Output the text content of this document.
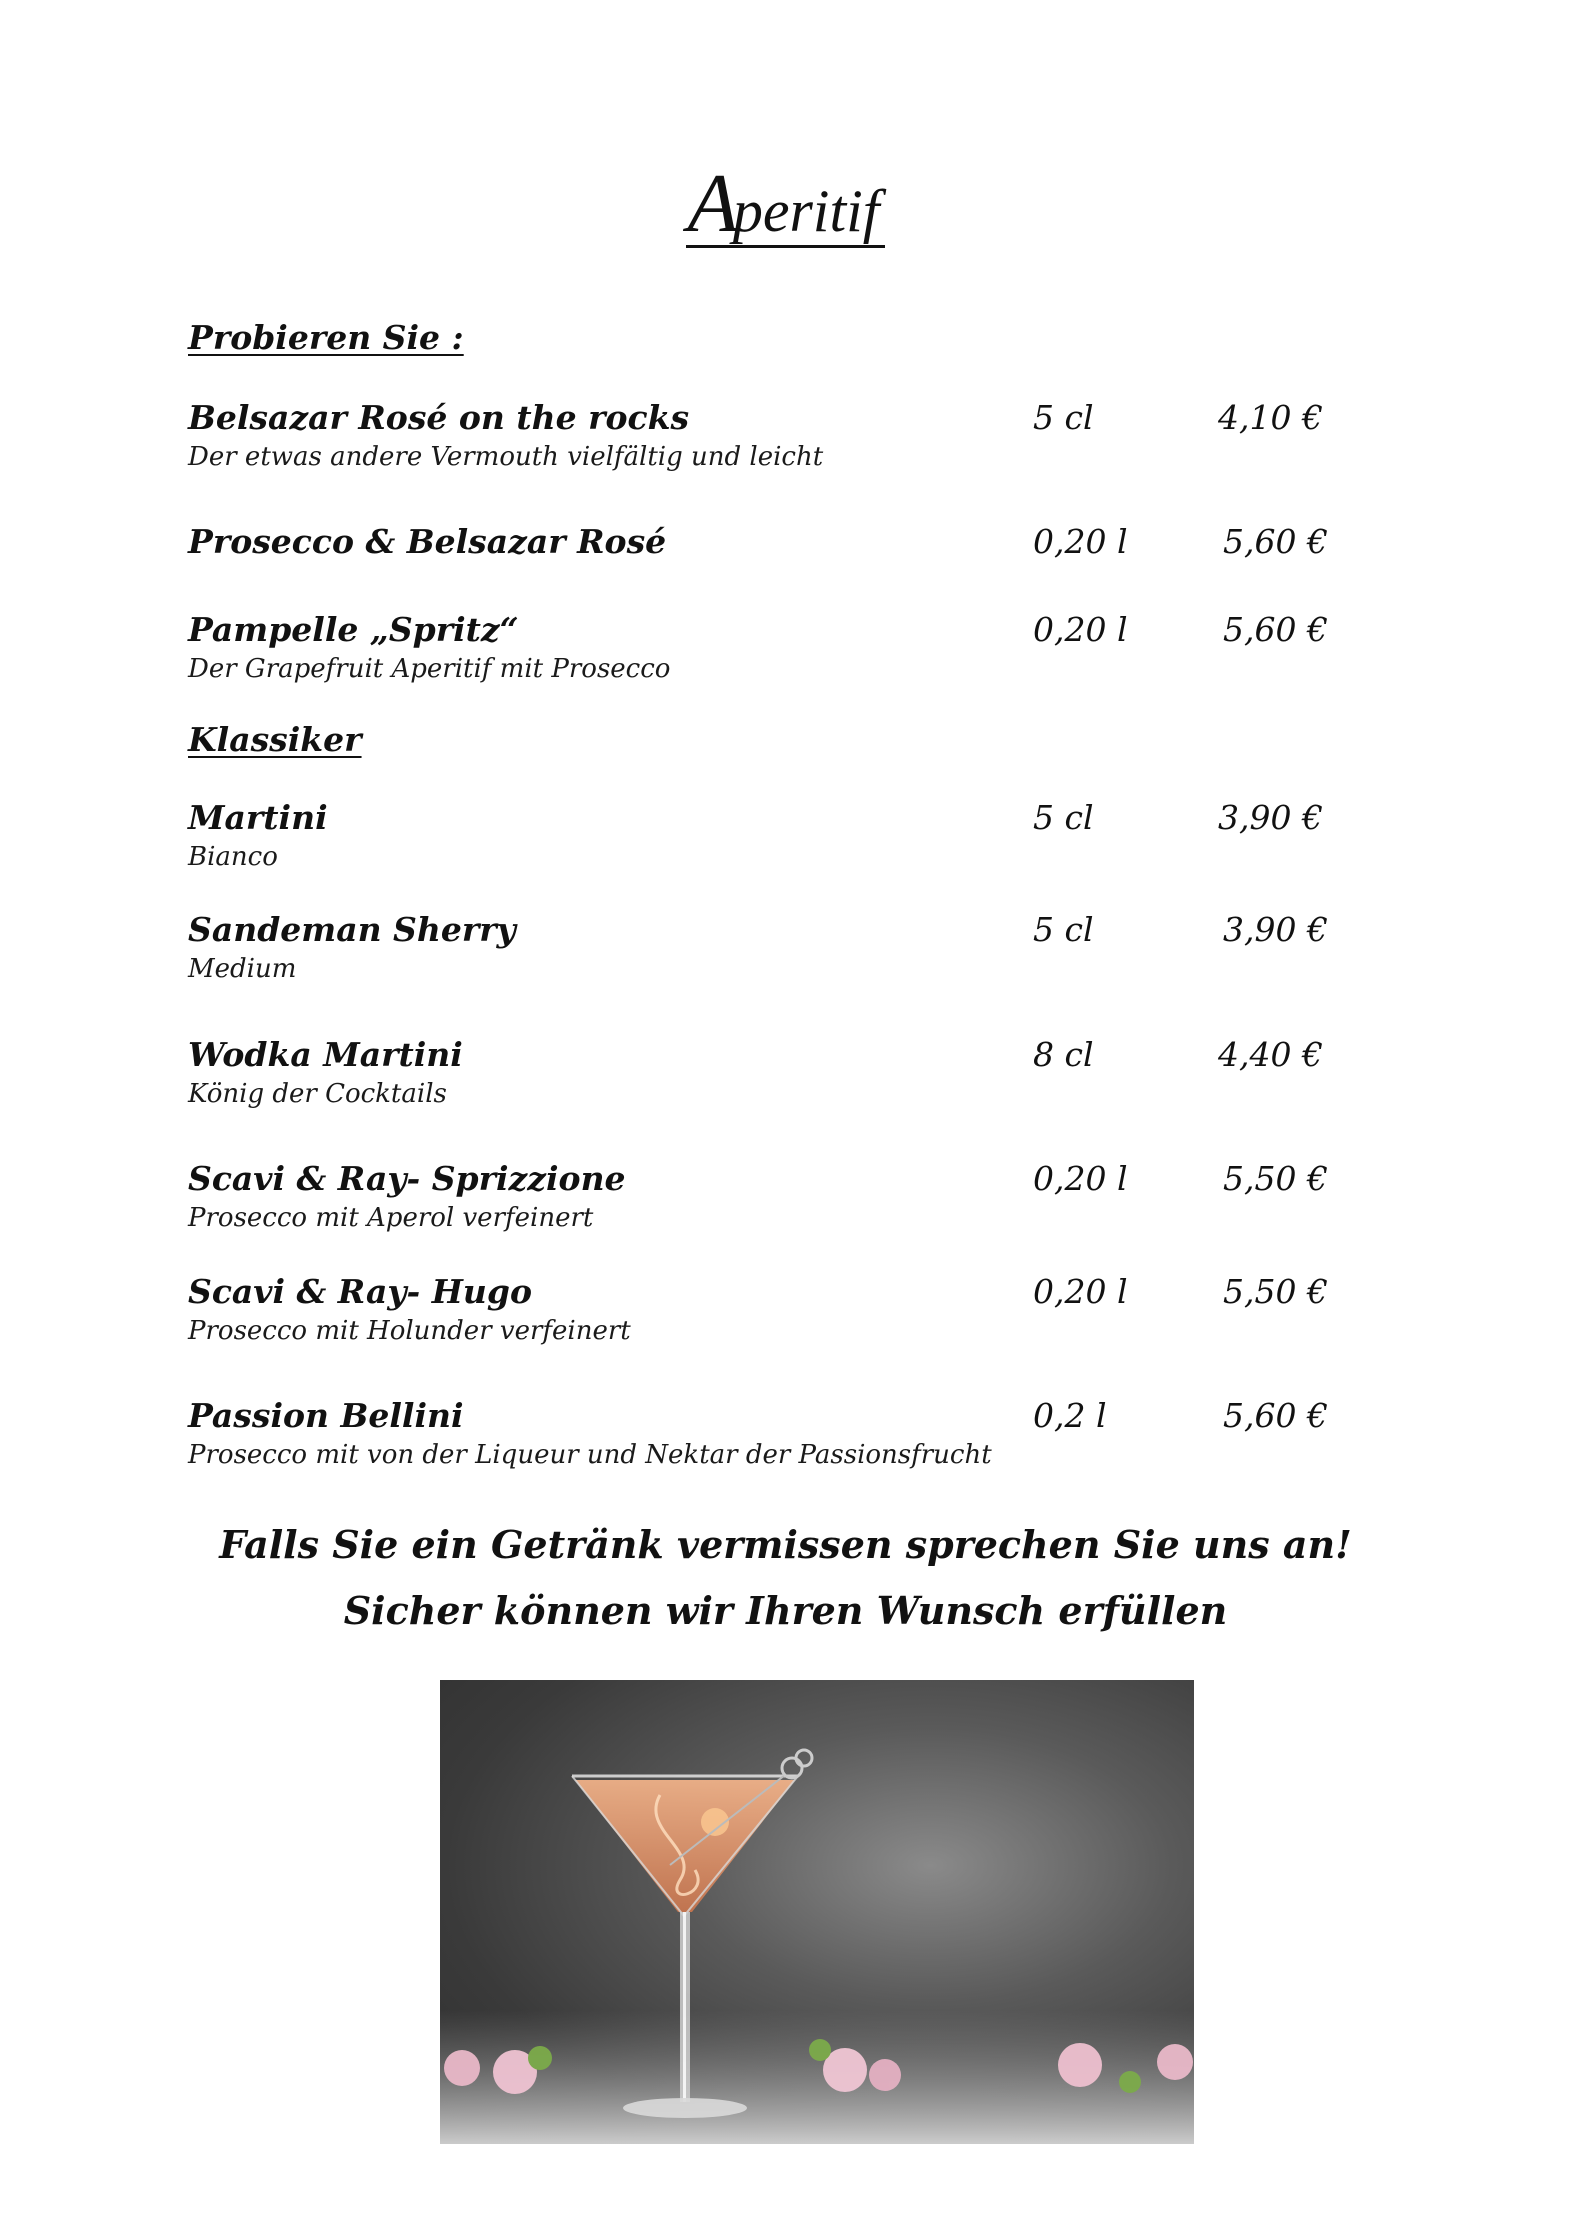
Aperitif
Probieren Sie :
Belsazar Rosé on the rocks
Der etwas andere Vermouth vielfältig und leicht
5 cl	4,10 €
Prosecco & Belsazar Rosé	0,20 l	5,60 €
Pampelle „Spritz“
Der Grapefruit Aperitif mit Prosecco
0,20 l	5,60 €
Klassiker
Martini
Bianco
5 cl	3,90 €
Sandeman Sherry
Medium
5 cl	3,90 €
Wodka Martini
König der Cocktails
8 cl	4,40 €
Scavi & Ray- Sprizzione
Prosecco mit Aperol verfeinert
0,20 l	5,50 €
Scavi & Ray- Hugo
Prosecco mit Holunder verfeinert
0,20 l	5,50 €
Passion Bellini
Prosecco mit von der Liqueur und Nektar der Passionsfrucht
0,2 l	5,60 €
Falls Sie ein Getränk vermissen sprechen Sie uns an!
Sicher können wir Ihren Wunsch erfüllen
